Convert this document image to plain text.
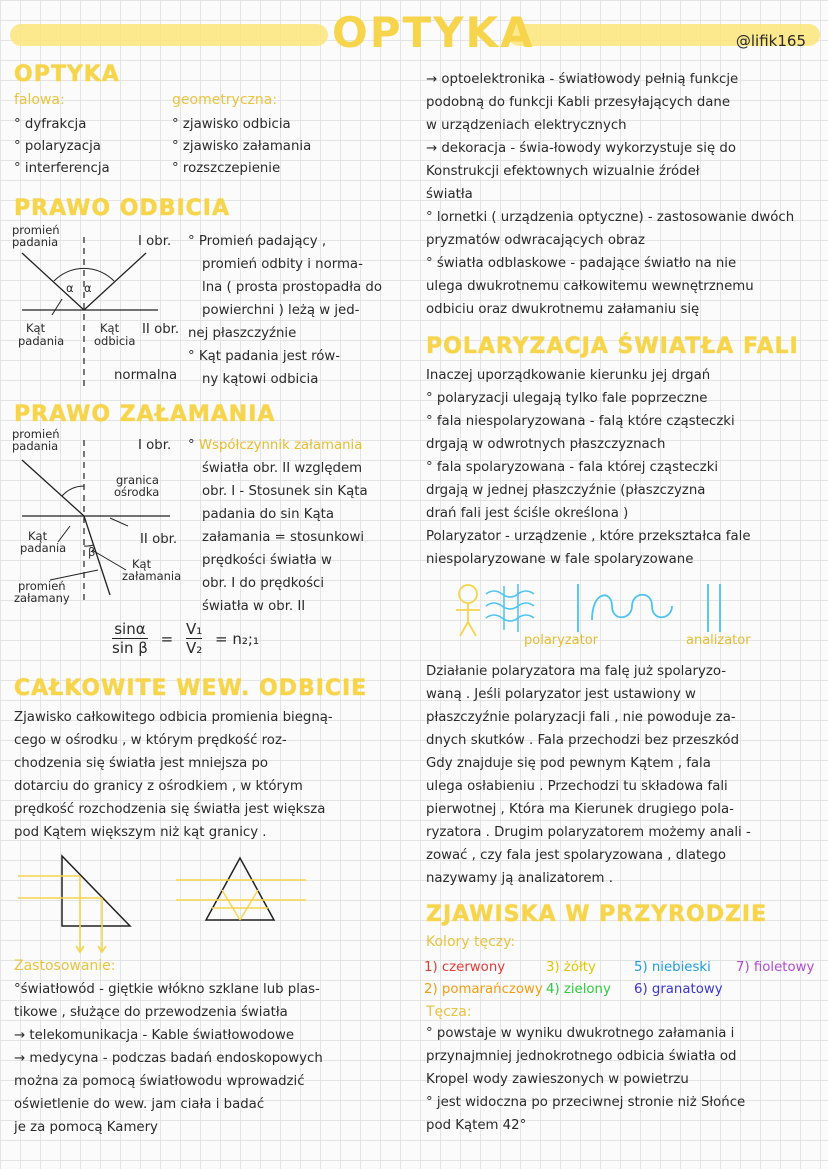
OPTYKA	@lifik165
OPTYKA
falowa:
° dyfrakcja
° polaryzacja
° interferencja
geometryczna:
° zjawisko odbicia
° zjawisko załamania
° rozszczepienie
PRAWO ODBICIA
promień
padania
α α
Kąt
padania
Kąt
odbicia
normalna
I obr.
II obr.
° Promień padający ,
promień odbity i norma-
lna ( prosta prostopadła do
powierchni ) leżą w jed-
nej płaszczyźnie
° Kąt padania jest rów-
ny kątowi odbicia
PRAWO ZAŁAMANIA
promień
padania
granica
ośrodka
Kąt
padania β
Kąt
załamania
promień
załamany
I obr.
II obr.
° Współczynnik załamania
światła obr. II względem
obr. I - Stosunek sin Kąta
padania do sin Kąta
załamania = stosunkowi
prędkości światła w
obr. I do prędkości
światła w obr. II
$\frac{\sin\alpha}{\text{sin β}} = \frac{\text{V₁}}{\text{V₂}}$ = n₂;₁
CAŁKOWITE WEW. ODBICIE
Zjawisko całkowitego odbicia promienia biegną-
cego w ośrodku , w którym prędkość roz-
chodzenia się światła jest mniejsza po
dotarciu do granicy z ośrodkiem , w którym
prędkość rozchodzenia się światła jest większa
pod Kątem większym niż kąt granicy .
Zastosowanie:
°światłowód - giętkie włókno szklane lub plas-
tikowe , służące do przewodzenia światła
→ telekomunikacja - Kable światłowodowe
→ medycyna - podczas badań endoskopowych
można za pomocą światłowodu wprowadzić
oświetlenie do wew. jam ciała i badać
je za pomocą Kamery
→ optoelektronika - światłowody pełnią funkcje
podobną do funkcji Kabli przesyłających dane
w urządzeniach elektrycznych
→ dekoracja - świa-łowody wykorzystuje się do
Konstrukcji efektownych wizualnie źródeł
światła
° lornetki ( urządzenia optyczne) - zastosowanie dwóch
pryzmatów odwracających obraz
° światła odblaskowe - padające światło na nie
ulega dwukrotnemu całkowitemu wewnętrznemu
odbiciu oraz dwukrotnemu załamaniu się
POLARYZACJA ŚWIATŁA FALI
Inaczej uporządkowanie kierunku jej drgań
° polaryzacji ulegają tylko fale poprzeczne
° fala niespolaryzowana - falą które cząsteczki
drgają w odwrotnych płaszczyznach
° fala spolaryzowana - fala której cząsteczki
drgają w jednej płaszczyźnie (płaszczyzna
drań fali jest ściśle określona )
Polaryzator - urządzenie , które przekształca fale
niespolaryzowane w fale spolaryzowane
polaryzator	analizator
Działanie polaryzatora ma falę już spolaryzo-
waną . Jeśli polaryzator jest ustawiony w
płaszczyźnie polaryzacji fali , nie powoduje za-
dnych skutków . Fala przechodzi bez przeszkód
Gdy znajduje się pod pewnym Kątem , fala
ulega osłabieniu . Przechodzi tu składowa fali
pierwotnej , Która ma Kierunek drugiego pola-
ryzatora . Drugim polaryzatorem możemy anali -
zować , czy fala jest spolaryzowana , dlatego
nazywamy ją analizatorem .
ZJAWISKA W PRZYRODZIE
Kolory tęczy:
1) czerwony
2) pomarańczowy
3) żółty
4) zielony
5) niebieski
6) granatowy
7) fioletowy
Tęcza:
° powstaje w wyniku dwukrotnego załamania i
przynajmniej jednokrotnego odbicia światła od
Kropel wody zawieszonych w powietrzu
° jest widoczna po przeciwnej stronie niż Słońce
pod Kątem 42°
